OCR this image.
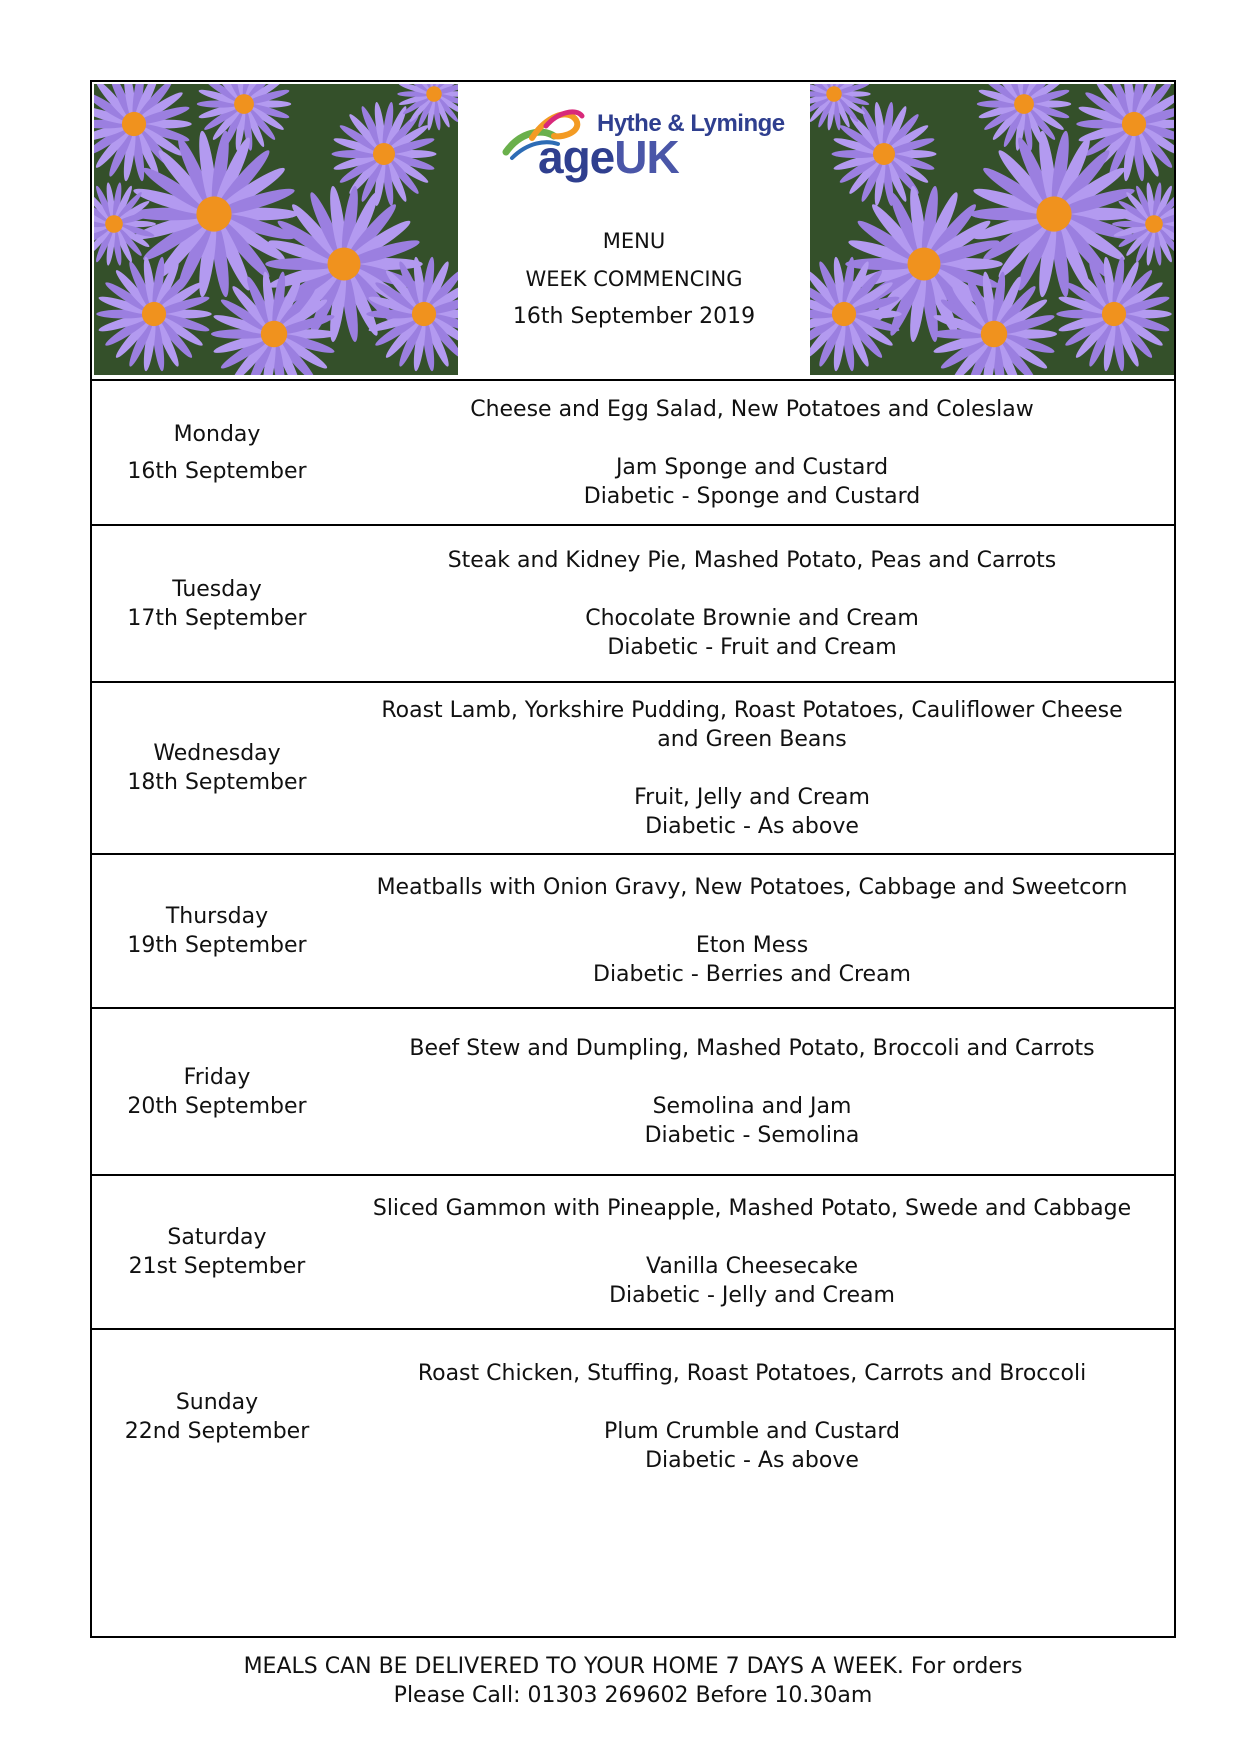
Hythe & Lyminge
ageUK
MENU
WEEK COMMENCING
16th September 2019
Monday
16th September
Cheese and Egg Salad, New Potatoes and Coleslaw
Jam Sponge and Custard
Diabetic - Sponge and Custard
Tuesday
17th September
Steak and Kidney Pie, Mashed Potato, Peas and Carrots
Chocolate Brownie and Cream
Diabetic - Fruit and Cream
Wednesday
18th September
Roast Lamb, Yorkshire Pudding, Roast Potatoes, Cauliflower Cheese
and Green Beans
Fruit, Jelly and Cream
Diabetic - As above
Thursday
19th September
Meatballs with Onion Gravy, New Potatoes, Cabbage and Sweetcorn
Eton Mess
Diabetic - Berries and Cream
Friday
20th September
Beef Stew and Dumpling, Mashed Potato, Broccoli and Carrots
Semolina and Jam
Diabetic - Semolina
Saturday
21st September
Sliced Gammon with Pineapple, Mashed Potato, Swede and Cabbage
Vanilla Cheesecake
Diabetic - Jelly and Cream
Sunday
22nd September
Roast Chicken, Stuffing, Roast Potatoes, Carrots and Broccoli
Plum Crumble and Custard
Diabetic - As above
MEALS CAN BE DELIVERED TO YOUR HOME 7 DAYS A WEEK. For orders
Please Call: 01303 269602 Before 10.30am
